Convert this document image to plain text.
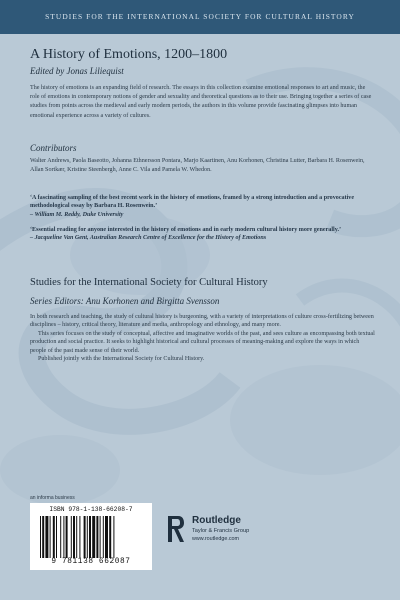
STUDIES FOR THE INTERNATIONAL SOCIETY FOR CULTURAL HISTORY
A History of Emotions, 1200–1800
Edited by Jonas Liliequist
The history of emotions is an expanding field of research. The essays in this collection examine emotional responses to art and music, the role of emotions in contemporary notions of gender and sexuality and theoretical questions as to their use. Bringing together a series of case studies from points across the medieval and early modern periods, the authors in this volume provide fascinating glimpses into human emotional experience across a variety of cultures.
Contributors
Walter Andrews, Paola Baseotto, Johanna Ethnersson Pontara, Marjo Kaartinen, Anu Korhonen, Christina Lutter, Barbara H. Rosenwein, Allan Sortkær, Kristine Steenbergh, Anne C. Vila and Pamela W. Whedon.
‘A fascinating sampling of the best recent work in the history of emotions, framed by a strong introduction and a provocative methodological essay by Barbara H. Rosenwein.’
– William M. Reddy, Duke University
‘Essential reading for anyone interested in the history of emotions and in early modern cultural history more generally.’
– Jacqueline Van Gent, Australian Research Centre of Excellence for the History of Emotions
Studies for the International Society for Cultural History
Series Editors: Anu Korhonen and Birgitta Svensson

In both research and teaching, the study of cultural history is burgeoning, with a variety of interpretations of culture cross-fertilizing between disciplines – history, critical theory, literature and media, anthropology and ethnology, and many more.

This series focuses on the study of conceptual, affective and imaginative worlds of the past, and sees culture as encompassing both textual production and social practice. It seeks to highlight historical and cultural processes of meaning-making and explore the ways in which people of the past made sense of their world.

Published jointly with the International Society for Cultural History.

an informa business
ISBN 978-1-138-66208-7
9 781138 662087
Routledge
Taylor & Francis Group
www.routledge.com
